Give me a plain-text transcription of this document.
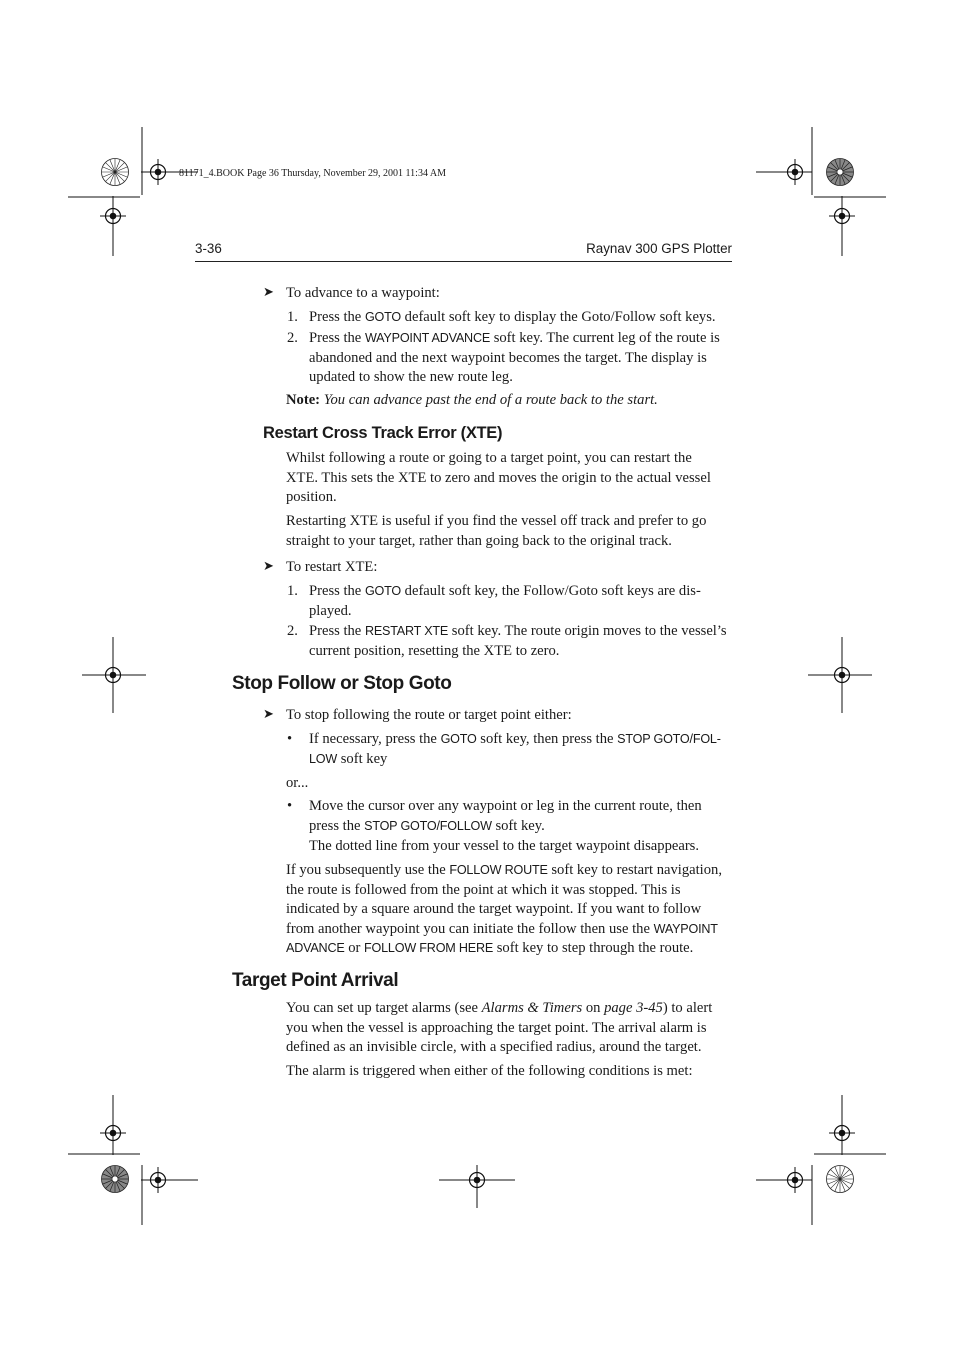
81171_4.BOOK Page 36 Thursday, November 29, 2001 11:34 AM
3-36	Raynav 300 GPS Plotter
➤ To advance to a waypoint:
1. Press the GOTO default soft key to display the Goto/Follow soft keys.
2. Press the WAYPOINT ADVANCE soft key. The current leg of the route is
abandoned and the next waypoint becomes the target. The display is
updated to show the new route leg.
Note: You can advance past the end of a route back to the start.
Restart Cross Track Error (XTE)
Whilst following a route or going to a target point, you can restart the
XTE. This sets the XTE to zero and moves the origin to the actual vessel
position.
Restarting XTE is useful if you find the vessel off track and prefer to go
straight to your target, rather than going back to the original track.
➤ To restart XTE:
1. Press the GOTO default soft key, the Follow/Goto soft keys are dis-
played.
2. Press the RESTART XTE soft key. The route origin moves to the vessel’s
current position, resetting the XTE to zero.
Stop Follow or Stop Goto
➤ To stop following the route or target point either:
• If necessary, press the GOTO soft key, then press the STOP GOTO/FOL-
LOW soft key
or...
• Move the cursor over any waypoint or leg in the current route, then
press the STOP GOTO/FOLLOW soft key.
The dotted line from your vessel to the target waypoint disappears.
If you subsequently use the FOLLOW ROUTE soft key to restart navigation,
the route is followed from the point at which it was stopped. This is
indicated by a square around the target waypoint. If you want to follow
from another waypoint you can initiate the follow then use the WAYPOINT
ADVANCE or FOLLOW FROM HERE soft key to step through the route.
Target Point Arrival
You can set up target alarms (see Alarms & Timers on page 3-45) to alert
you when the vessel is approaching the target point. The arrival alarm is
defined as an invisible circle, with a specified radius, around the target.
The alarm is triggered when either of the following conditions is met:
